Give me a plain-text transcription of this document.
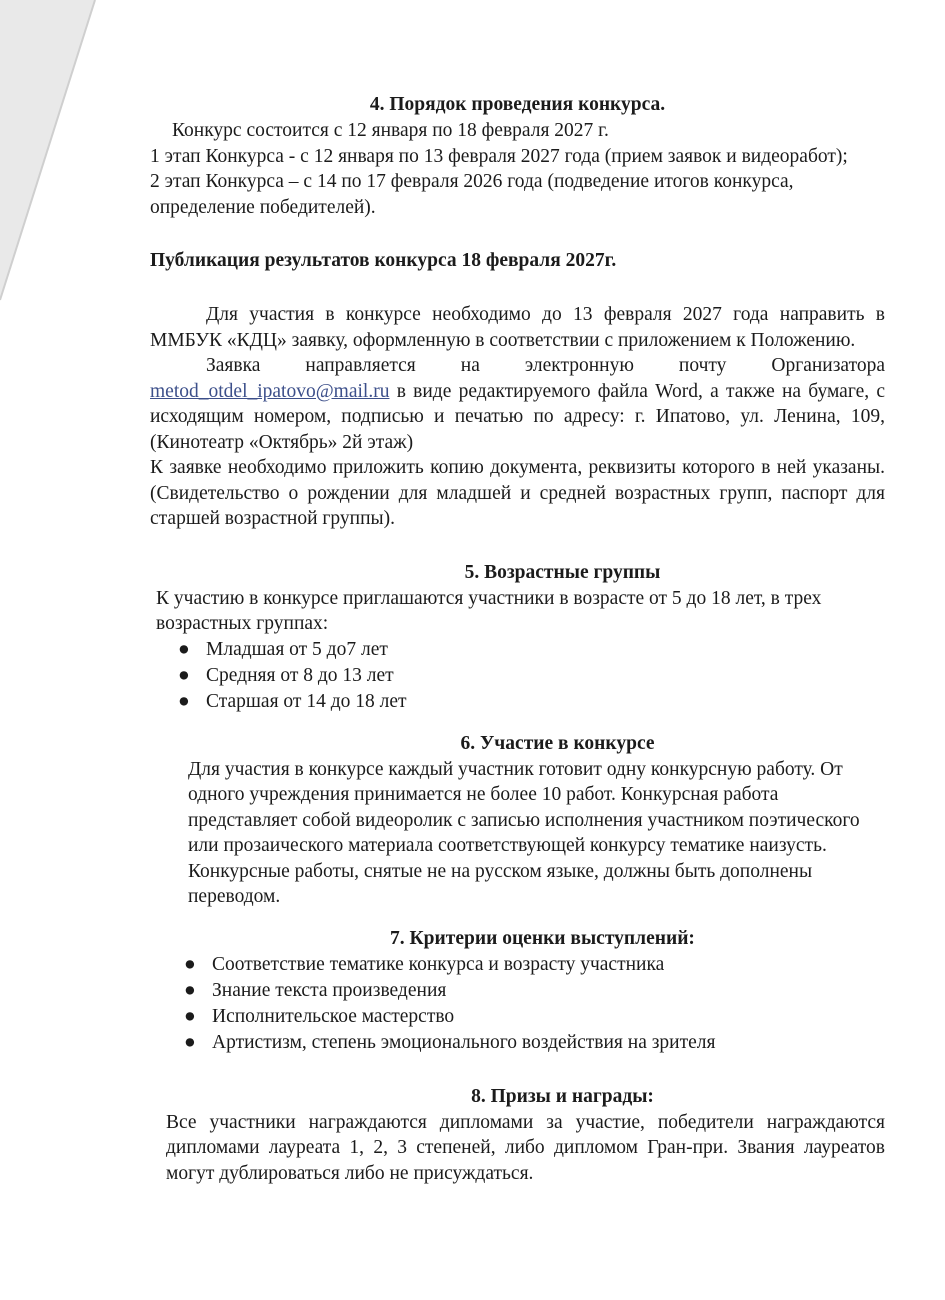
4. Порядок проведения конкурса.

Конкурс состоится с 12 января по 18 февраля 2027 г.

1 этап Конкурса - с 12 января по 13 февраля 2027 года (прием заявок и видеоработ);

2 этап Конкурса – с 14 по 17 февраля 2026 года (подведение итогов конкурса, определение победителей).

Публикация результатов конкурса 18 февраля 2027г.

Для участия в конкурсе необходимо до 13 февраля 2027 года направить в ММБУК «КДЦ» заявку, оформленную в соответствии с приложением к Положению.

Заявка направляется на электронную почту Организатора metod_otdel_ipatovo@mail.ru в виде редактируемого файла Word, а также на бумаге, с исходящим номером, подписью и печатью по адресу: г. Ипатово, ул. Ленина, 109, (Кинотеатр «Октябрь» 2й этаж)

К заявке необходимо приложить копию документа, реквизиты которого в ней указаны. (Свидетельство о рождении для младшей и средней возрастных групп, паспорт для старшей возрастной группы).

5. Возрастные группы

К участию в конкурсе приглашаются участники в возрасте от 5 до 18 лет, в трех возрастных группах:

● Младшая от 5 до7 лет
● Средняя от 8 до 13 лет
● Старшая от 14 до 18 лет
6. Участие в конкурсе

Для участия в конкурсе каждый участник готовит одну конкурсную работу. От одного учреждения принимается не более 10 работ. Конкурсная работа представляет собой видеоролик с записью исполнения участником поэтического или прозаического материала соответствующей конкурсу тематике наизусть. Конкурсные работы, снятые не на русском языке, должны быть дополнены переводом.

7. Критерии оценки выступлений:
● Соответствие тематике конкурса и возрасту участника
● Знание текста произведения
● Исполнительское мастерство
● Артистизм, степень эмоционального воздействия на зрителя
8. Призы и награды:

Все участники награждаются дипломами за участие, победители награждаются дипломами лауреата 1, 2, 3 степеней, либо дипломом Гран-при. Звания лауреатов могут дублироваться либо не присуждаться.
